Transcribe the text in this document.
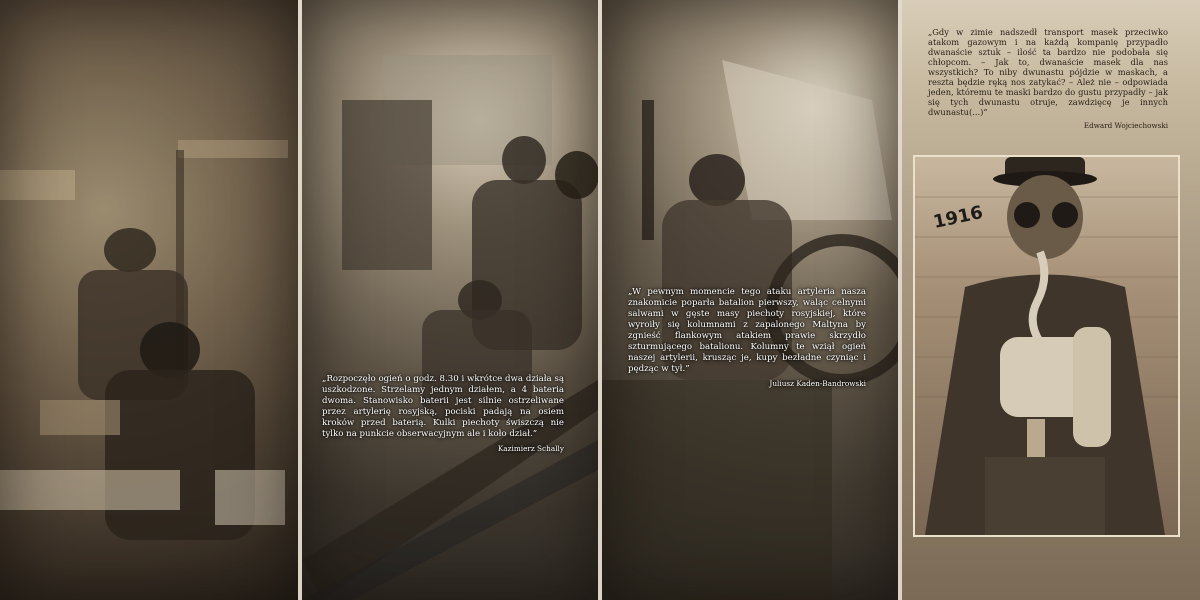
„Rozpoczęło ogień o godz. 8.30 i wkrótce dwa działa są uszkodzone. Strzelamy jednym działem, a 4 bateria dwoma. Stanowisko baterii jest silnie ostrzeliwane przez artylerię rosyjską, pociski padają na osiem kroków przed baterią. Kulki piechoty świszczą nie tylko na punkcie obserwacyjnym ale i koło dział.”
Kazimierz Schally
„W pewnym momencie tego ataku artyleria nasza znakomicie poparła batalion pierwszy, waląc celnymi salwami w gęste masy piechoty rosyjskiej, które wyroiły się kolumnami z zapalonego Maltyna by zgnieść flankowym atakiem prawie skrzydło szturmującego batalionu. Kolumny te wziął ogień naszej artylerii, krusząc je, kupy bezładne czyniąc i pędząc w tył.”
Juliusz Kaden-Bandrowski
„Gdy w zimie nadszedł transport masek przeciwko atakom gazowym i na każdą kompanię przypadło dwanaście sztuk – ilość ta bardzo nie podobała się chłopcom. – Jak to, dwanaście masek dla nas wszystkich? To niby dwunastu pójdzie w maskach, a reszta będzie ręką nos zatykać? – Ależ nie – odpowiada jeden, któremu te maski bardzo do gustu przypadły – jak się tych dwunastu otruje, zawdzięcę je innych dwunastu(...)”
Edward Wojciechowski
1916
